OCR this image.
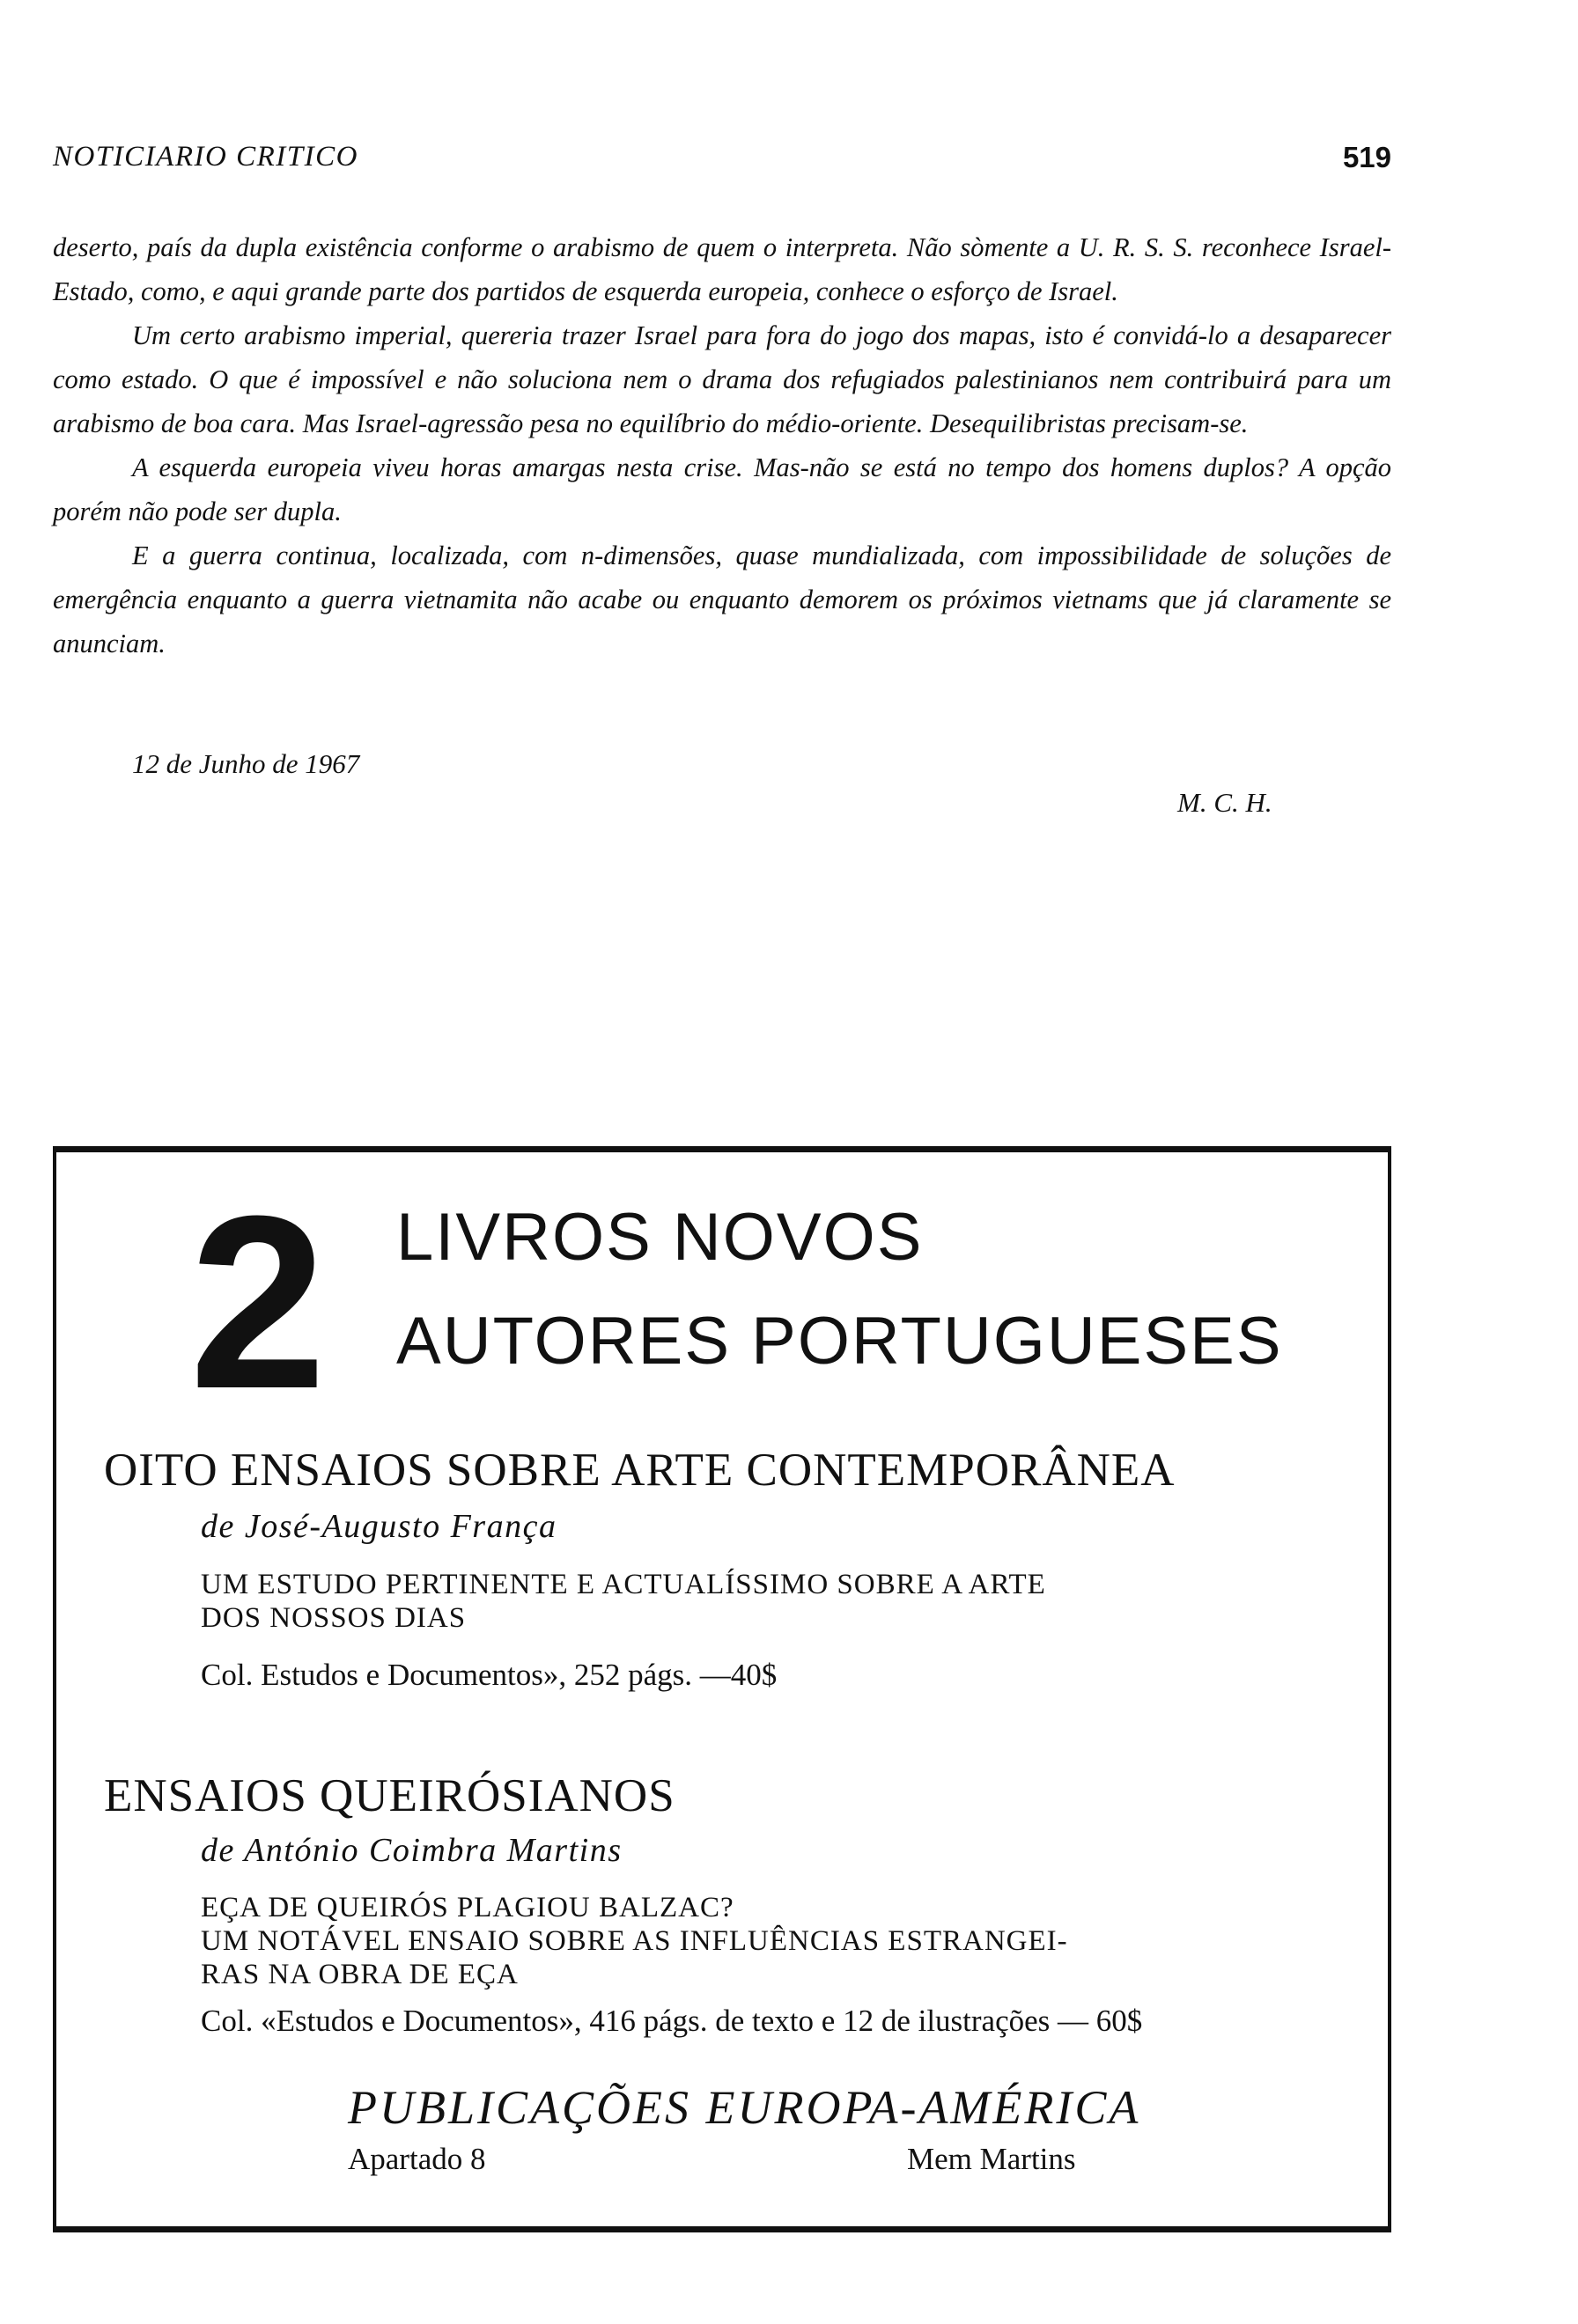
NOTICIARIO CRITICO	519

deserto, país da dupla existência conforme o arabismo de quem o interpreta. Não sòmente a U. R. S. S. reconhece Israel-Estado, como, e aqui grande parte dos partidos de esquerda europeia, conhece o esforço de Israel.

Um certo arabismo imperial, quereria trazer Israel para fora do jogo dos mapas, isto é convidá-lo a desaparecer como estado. O que é impossível e não soluciona nem o drama dos refugiados palestinianos nem contribuirá para um arabismo de boa cara. Mas Israel-agressão pesa no equilíbrio do médio-oriente. Desequilibristas precisam-se.

A esquerda europeia viveu horas amargas nesta crise. Mas-não se está no tempo dos homens duplos? A opção porém não pode ser dupla.

E a guerra continua, localizada, com n-dimensões, quase mundializada, com impossibilidade de soluções de emergência enquanto a guerra vietnamita não acabe ou enquanto demorem os próximos vietnams que já claramente se anunciam.

12 de Junho de 1967
M. C. H.
2 LIVROS NOVOS
AUTORES PORTUGUESES
OITO ENSAIOS SOBRE ARTE CONTEMPORÂNEA
de José-Augusto França
UM ESTUDO PERTINENTE E ACTUALÍSSIMO SOBRE A ARTE
DOS NOSSOS DIAS
Col. Estudos e Documentos», 252 págs. —40$
ENSAIOS QUEIRÓSIANOS
de António Coimbra Martins
EÇA DE QUEIRÓS PLAGIOU BALZAC?
UM NOTÁVEL ENSAIO SOBRE AS INFLUÊNCIAS ESTRANGEI-
RAS NA OBRA DE EÇA
Col. «Estudos e Documentos», 416 págs. de texto e 12 de ilustrações — 60$
PUBLICAÇÕES EUROPA-AMÉRICA
Apartado 8	Mem Martins
